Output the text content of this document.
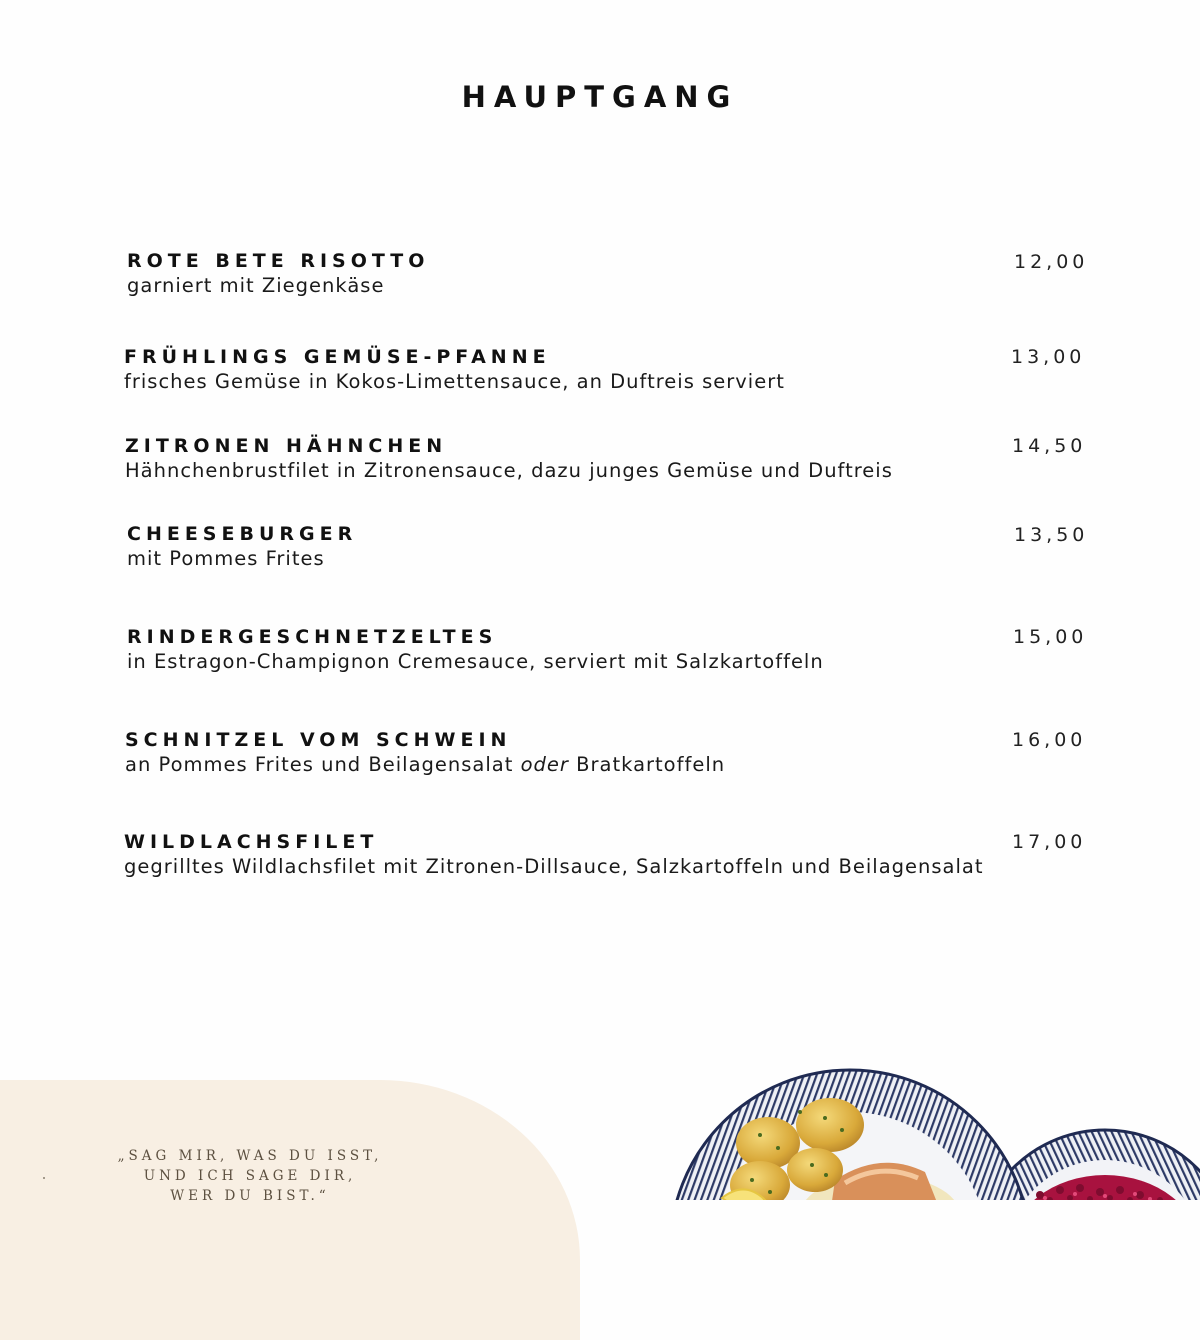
HAUPTGANG
ROTE BETE RISOTTO
garniert mit Ziegenkäse
12,00
FRÜHLINGS GEMÜSE-PFANNE
frisches Gemüse in Kokos-Limettensauce, an Duftreis serviert
13,00
ZITRONEN HÄHNCHEN
Hähnchenbrustfilet in Zitronensauce, dazu junges Gemüse und Duftreis
14,50
CHEESEBURGER
mit Pommes Frites
13,50
RINDERGESCHNETZELTES
in Estragon-Champignon Cremesauce, serviert mit Salzkartoffeln
15,00
SCHNITZEL VOM SCHWEIN
an Pommes Frites und Beilagensalat oder Bratkartoffeln
16,00
WILDLACHSFILET
gegrilltes Wildlachsfilet mit Zitronen-Dillsauce, Salzkartoffeln und Beilagensalat
17,00
„SAG MIR, WAS DU ISST,
UND ICH SAGE DIR,
WER DU BIST.“
